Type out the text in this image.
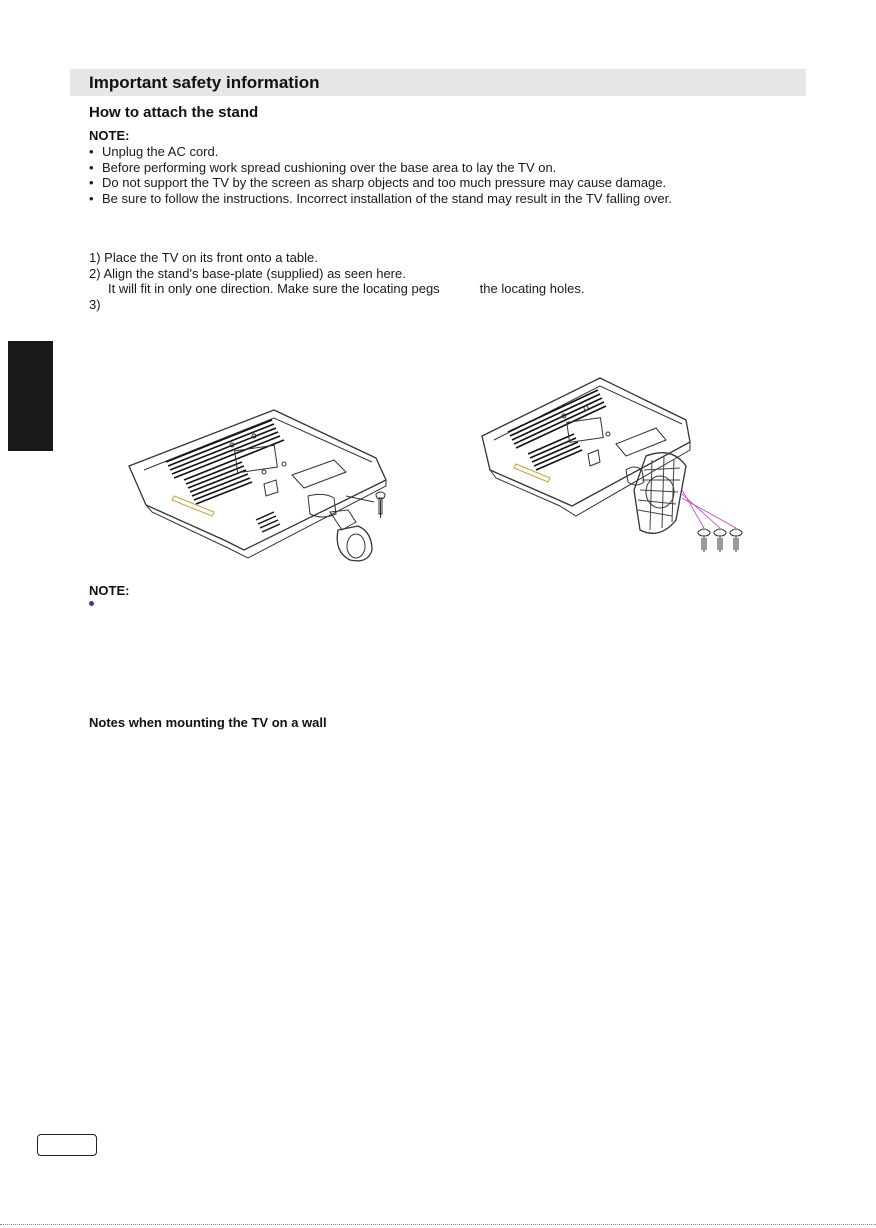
Important safety information
How to attach the stand
NOTE:
• Unplug the AC cord.
• Before performing work spread cushioning over the base area to lay the TV on.
• Do not support the TV by the screen as sharp objects and too much pressure may cause damage.
• Be sure to follow the instructions. Incorrect installation of the stand may result in the TV falling over.
1) Place the TV on its front onto a table.
2) Align the stand's base-plate (supplied) as seen here.
It will fit in only one direction. Make sure the locating pegs	the locating holes.
3)
NOTE:
Notes when mounting the TV on a wall
